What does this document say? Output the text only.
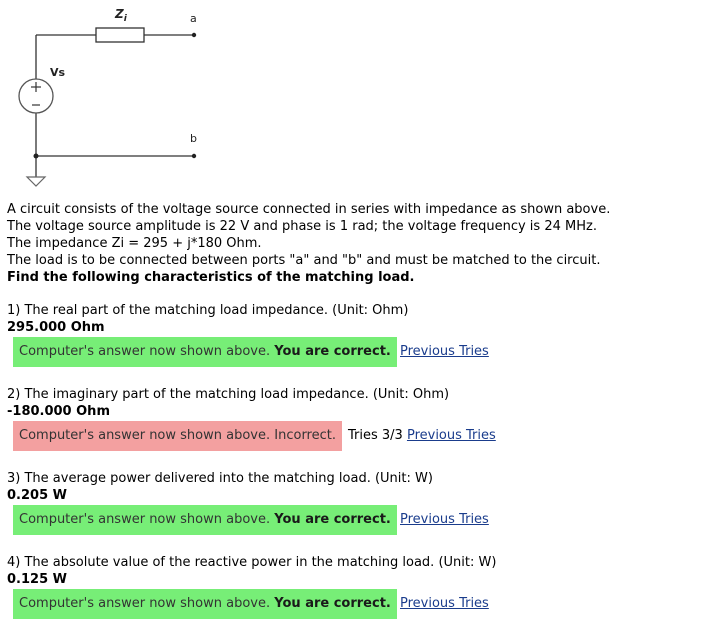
$Z_i$	a
b
Vs
A circuit consists of the voltage source connected in series with impedance as shown above.
The voltage source amplitude is 22 V and phase is 1 rad; the voltage frequency is 24 MHz.
The impedance Zi = 295 + j*180 Ohm.
The load is to be connected between ports "a" and "b" and must be matched to the circuit.
Find the following characteristics of the matching load.
1) The real part of the matching load impedance. (Unit: Ohm)
295.000 Ohm
Computer's answer now shown above. You are correct. Previous Tries
2) The imaginary part of the matching load impedance. (Unit: Ohm)
-180.000 Ohm
Computer's answer now shown above. Incorrect. Tries 3/3 Previous Tries
3) The average power delivered into the matching load. (Unit: W)
0.205 W
Computer's answer now shown above. You are correct. Previous Tries
4) The absolute value of the reactive power in the matching load. (Unit: W)
0.125 W
Computer's answer now shown above. You are correct. Previous Tries
